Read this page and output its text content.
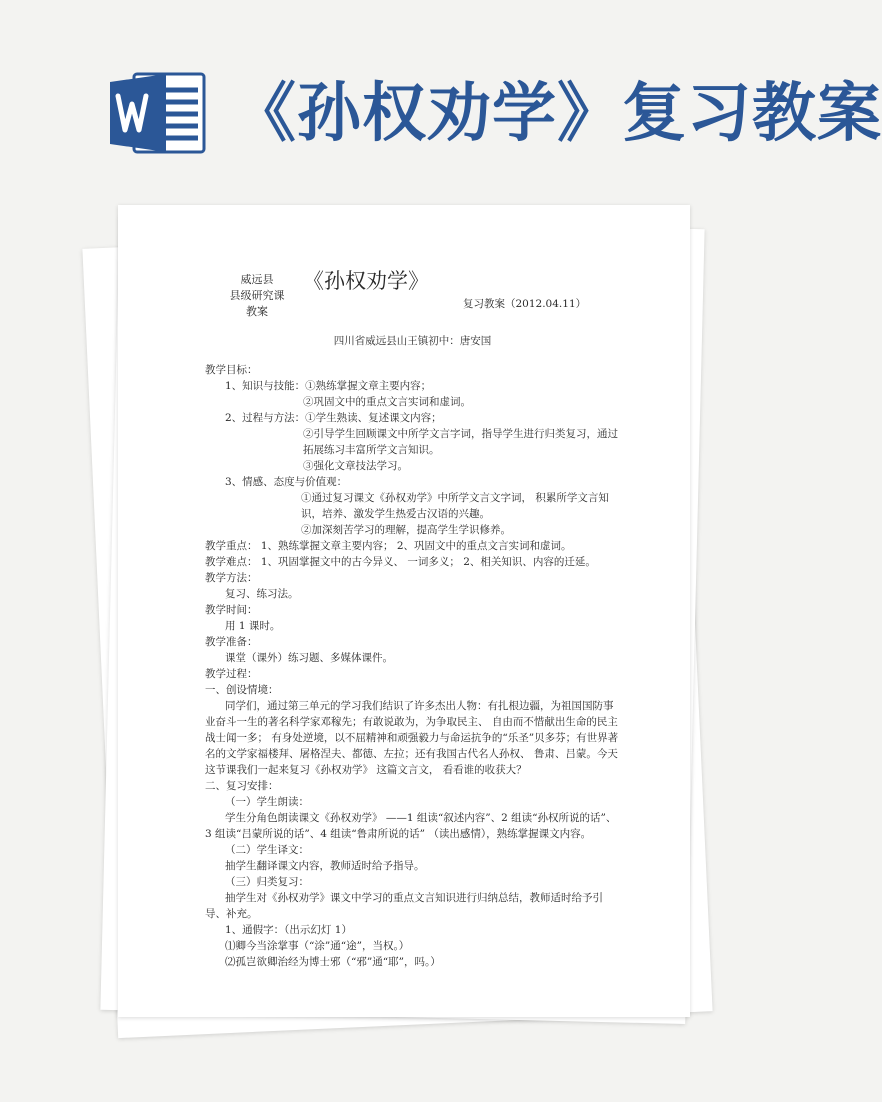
《孙权劝学》复习教案
威远县
县级研究课
教案
《孙权劝学》
复习教案（2012.04.11）
四川省威远县山王镇初中：唐安国
教学目标：
1、知识与技能：①熟练掌握文章主要内容；
②巩固文中的重点文言实词和虚词。
2、过程与方法：①学生熟读、复述课文内容；
②引导学生回顾课文中所学文言字词，指导学生进行归类复习，通过拓展练习丰富所学文言知识。
③强化文章技法学习。
3、情感、态度与价值观：
①通过复习课文《孙权劝学》中所学文言文字词， 积累所学文言知识，培养、激发学生热爱古汉语的兴趣。
②加深刻苦学习的理解，提高学生学识修养。
教学重点： 1、熟练掌握文章主要内容； 2、巩固文中的重点文言实词和虚词。
教学难点： 1、巩固掌握文中的古今异义、 一词多义； 2、相关知识、内容的迁延。
教学方法：
复习、练习法。
教学时间：
用 1 课时。
教学准备：
课堂（课外）练习题、多媒体课件。
教学过程：
一、创设情境：
同学们，通过第三单元的学习我们结识了许多杰出人物：有扎根边疆，为祖国国防事业奋斗一生的著名科学家邓稼先；有敢说敢为，为争取民主、 自由而不惜献出生命的民主战士闻一多； 有身处逆境，以不屈精神和顽强毅力与命运抗争的“乐圣”贝多芬；有世界著名的文学家福楼拜、屠格涅夫、都德、左拉；还有我国古代名人孙权、 鲁肃、吕蒙。今天这节课我们一起来复习《孙权劝学》 这篇文言文， 看看谁的收获大？
二、复习安排：
（一）学生朗读：
学生分角色朗读课文《孙权劝学》 ——1 组读“叙述内容”、2 组读“孙权所说的话”、3 组读“吕蒙所说的话”、4 组读“鲁肃所说的话” （读出感情），熟练掌握课文内容。
（二）学生译文：
抽学生翻译课文内容，教师适时给予指导。
（三）归类复习：
抽学生对《孙权劝学》课文中学习的重点文言知识进行归纳总结，教师适时给予引导、补充。
1、通假字：（出示幻灯 1）
⑴卿今当涂掌事（“涂”通“途”，当权。）
⑵孤岂欲卿治经为博士邪（“邪”通“耶”，吗。）
